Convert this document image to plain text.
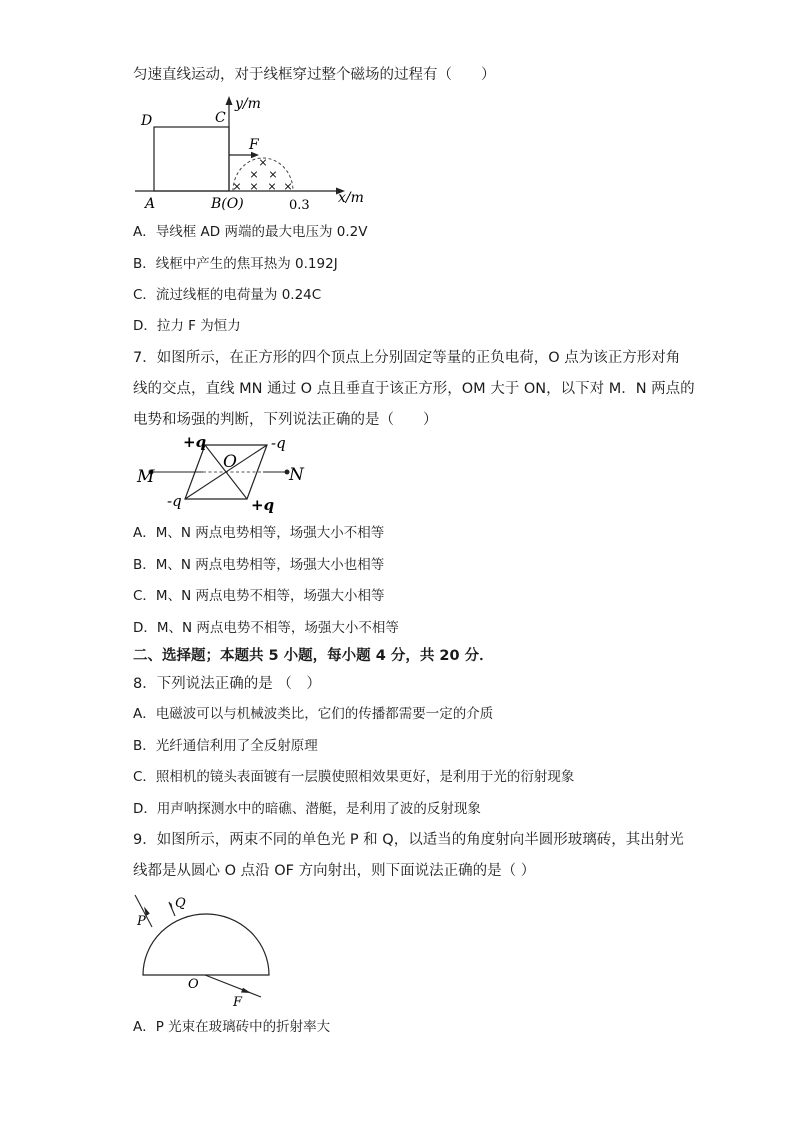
匀速直线运动，对于线框穿过整个磁场的过程有（　　）
×
× ×
× × × ×
D	C
A	B(O)
y/m
x/m
F
0.3
A．导线框 AD 两端的最大电压为 0.2V
B．线框中产生的焦耳热为 0.192J
C．流过线框的电荷量为 0.24C
D．拉力 F 为恒力
7．如图所示，在正方形的四个顶点上分别固定等量的正负电荷，O 点为该正方形对角
线的交点，直线 MN 通过 O 点且垂直于该正方形，OM 大于 ON，以下对 M．N 两点的
电势和场强的判断，下列说法正确的是（　　）
+q	-q
-q	+q
O
M	N
A．M、N 两点电势相等，场强大小不相等
B．M、N 两点电势相等，场强大小也相等
C．M、N 两点电势不相等，场强大小相等
D．M、N 两点电势不相等，场强大小不相等
二、选择题；本题共 5 小题，每小题 4 分，共 20 分．
8．下列说法正确的是 （　）
A．电磁波可以与机械波类比，它们的传播都需要一定的介质
B．光纤通信利用了全反射原理
C．照相机的镜头表面镀有一层膜使照相效果更好，是利用于光的衍射现象
D．用声呐探测水中的暗礁、潜艇，是利用了波的反射现象
9．如图所示，两束不同的单色光 P 和 Q，以适当的角度射向半圆形玻璃砖，其出射光
线都是从圆心 O 点沿 OF 方向射出，则下面说法正确的是（ ）
P
Q
O
F
A．P 光束在玻璃砖中的折射率大
